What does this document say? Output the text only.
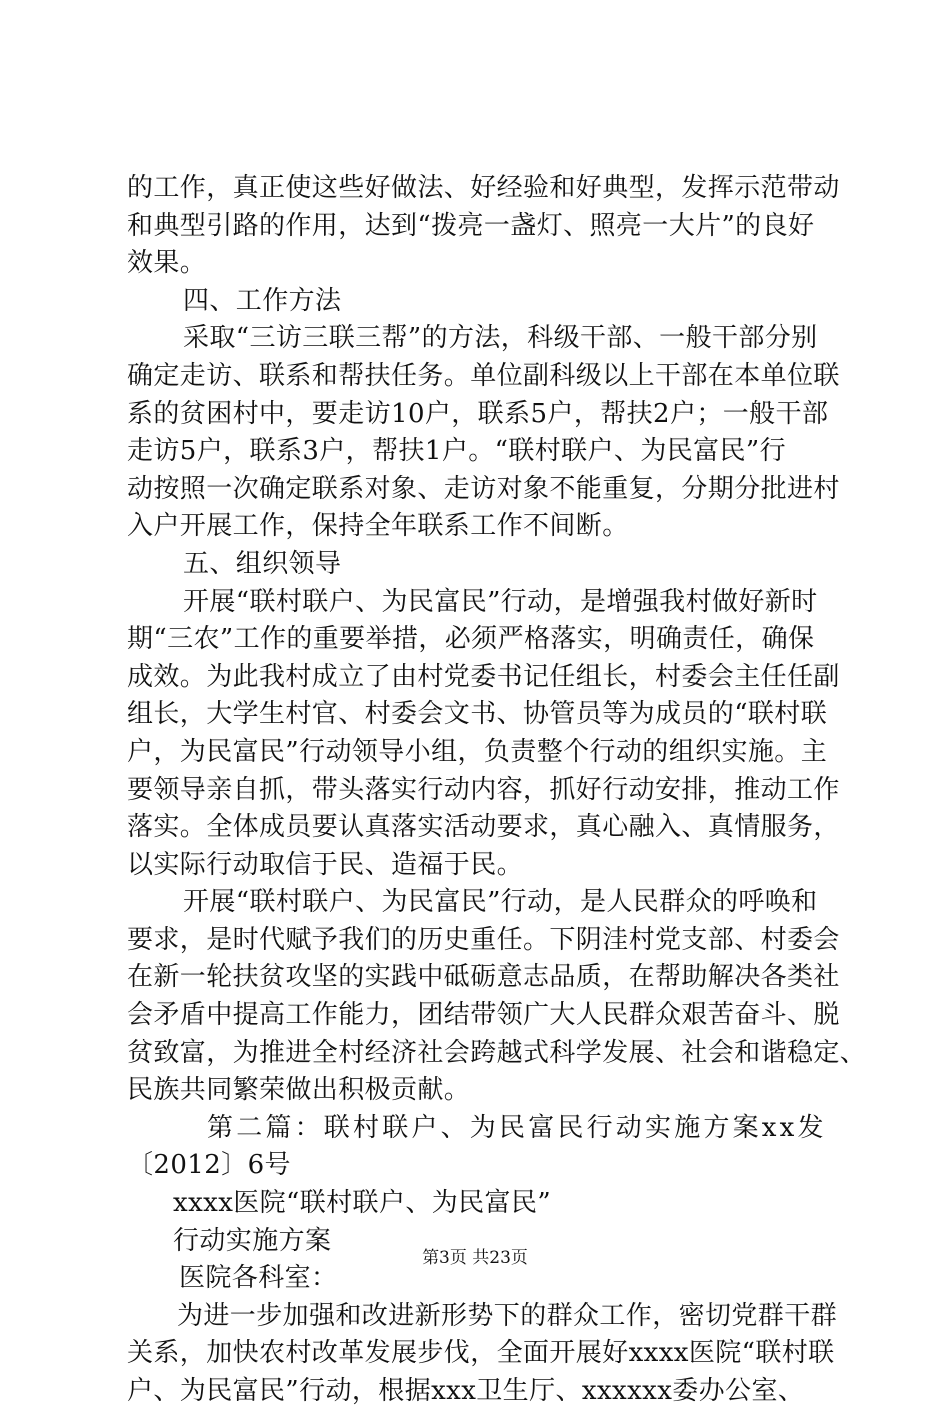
的工作，真正使这些好做法、好经验和好典型，发挥示范带动
和典型引路的作用，达到“拨亮一盏灯、照亮一大片”的良好
效果。
四、工作方法
采取“三访三联三帮”的方法，科级干部、一般干部分别
确定走访、联系和帮扶任务。单位副科级以上干部在本单位联
系的贫困村中，要走访10户，联系5户，帮扶2户；一般干部
走访5户，联系3户，帮扶1户。“联村联户、为民富民”行
动按照一次确定联系对象、走访对象不能重复，分期分批进村
入户开展工作，保持全年联系工作不间断。
五、组织领导
开展“联村联户、为民富民”行动，是增强我村做好新时
期“三农”工作的重要举措，必须严格落实，明确责任，确保
成效。为此我村成立了由村党委书记任组长，村委会主任任副
组长，大学生村官、村委会文书、协管员等为成员的“联村联
户，为民富民”行动领导小组，负责整个行动的组织实施。主
要领导亲自抓，带头落实行动内容，抓好行动安排，推动工作
落实。全体成员要认真落实活动要求，真心融入、真情服务，
以实际行动取信于民、造福于民。
开展“联村联户、为民富民”行动，是人民群众的呼唤和
要求，是时代赋予我们的历史重任。下阴洼村党支部、村委会
在新一轮扶贫攻坚的实践中砥砺意志品质，在帮助解决各类社
会矛盾中提高工作能力，团结带领广大人民群众艰苦奋斗、脱
贫致富，为推进全村经济社会跨越式科学发展、社会和谐稳定、
民族共同繁荣做出积极贡献。
第二篇：联村联户、为民富民行动实施方案xx发
〔2012〕6号
xxxx医院“联村联户、为民富民”
行动实施方案
医院各科室：
为进一步加强和改进新形势下的群众工作，密切党群干群
关系，加快农村改革发展步伐，全面开展好xxxx医院“联村联
户、为民富民”行动，根据xxx卫生厅、xxxxxx委办公室、
第3页 共23页
